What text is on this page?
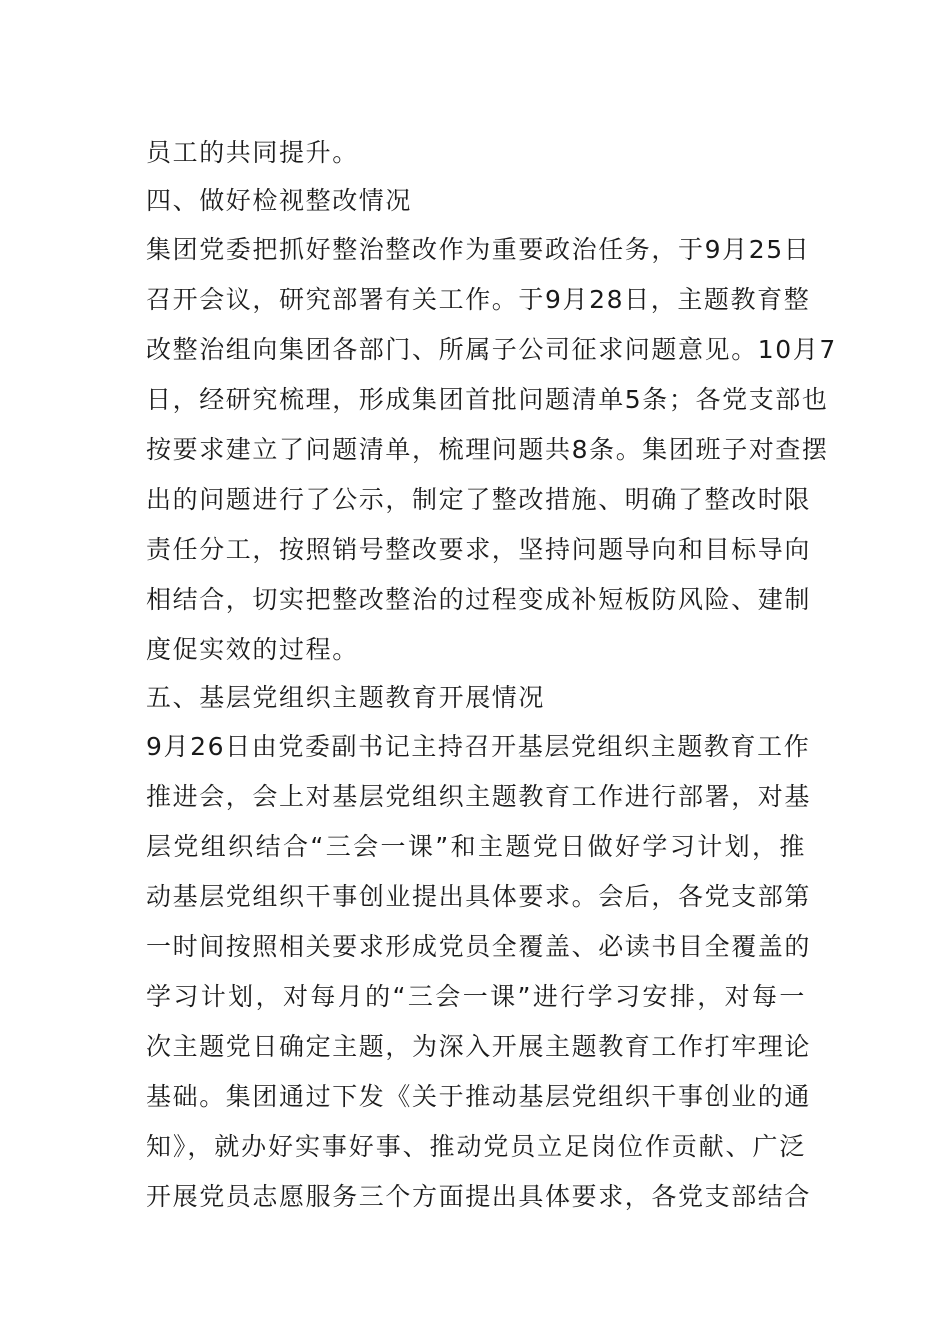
员工的共同提升。
四、做好检视整改情况
集团党委把抓好整治整改作为重要政治任务，于9月25日
召开会议，研究部署有关工作。于9月28日，主题教育整
改整治组向集团各部门、所属子公司征求问题意见。10月7
日，经研究梳理，形成集团首批问题清单5条；各党支部也
按要求建立了问题清单，梳理问题共8条。集团班子对查摆
出的问题进行了公示，制定了整改措施、明确了整改时限
责任分工，按照销号整改要求，坚持问题导向和目标导向
相结合，切实把整改整治的过程变成补短板防风险、建制
度促实效的过程。
五、基层党组织主题教育开展情况
9月26日由党委副书记主持召开基层党组织主题教育工作
推进会，会上对基层党组织主题教育工作进行部署，对基
层党组织结合“三会一课”和主题党日做好学习计划，推
动基层党组织干事创业提出具体要求。会后，各党支部第
一时间按照相关要求形成党员全覆盖、必读书目全覆盖的
学习计划，对每月的“三会一课”进行学习安排，对每一
次主题党日确定主题，为深入开展主题教育工作打牢理论
基础。集团通过下发《关于推动基层党组织干事创业的通
知》，就办好实事好事、推动党员立足岗位作贡献、广泛
开展党员志愿服务三个方面提出具体要求，各党支部结合
